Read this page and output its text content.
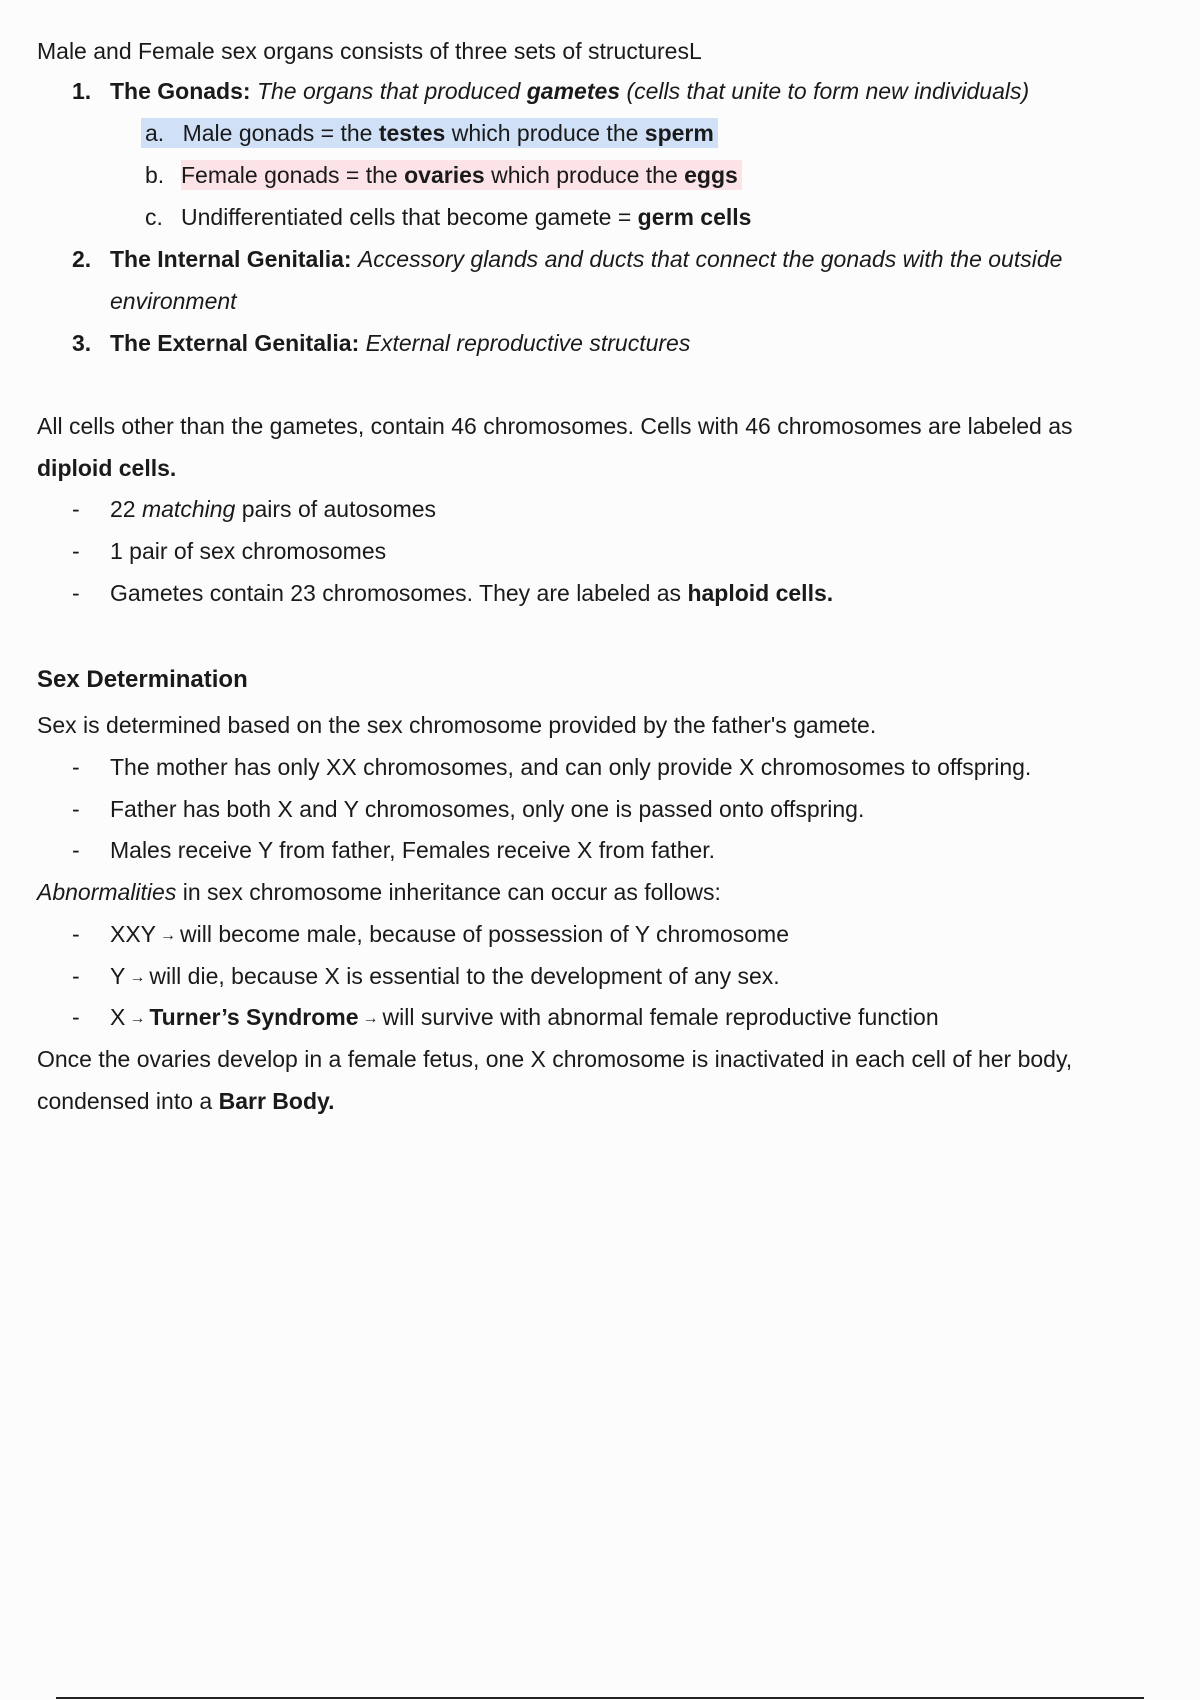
Male and Female sex organs consists of three sets of structuresL
1. The Gonads: The organs that produced gametes (cells that unite to form new individuals)
a. Male gonads = the testes which produce the sperm
b. Female gonads = the ovaries which produce the eggs
c. Undifferentiated cells that become gamete = germ cells
2. The Internal Genitalia: Accessory glands and ducts that connect the gonads with the outside
environment
3. The External Genitalia: External reproductive structures
All cells other than the gametes, contain 46 chromosomes. Cells with 46 chromosomes are labeled as
diploid cells.
- 22 matching pairs of autosomes
- 1 pair of sex chromosomes
- Gametes contain 23 chromosomes. They are labeled as haploid cells.
Sex Determination
Sex is determined based on the sex chromosome provided by the father's gamete.
- The mother has only XX chromosomes, and can only provide X chromosomes to offspring.
- Father has both X and Y chromosomes, only one is passed onto offspring.
- Males receive Y from father, Females receive X from father.
Abnormalities in sex chromosome inheritance can occur as follows:
- XXY → will become male, because of possession of Y chromosome
- Y → will die, because X is essential to the development of any sex.
- X → Turner’s Syndrome → will survive with abnormal female reproductive function
Once the ovaries develop in a female fetus, one X chromosome is inactivated in each cell of her body,
condensed into a Barr Body.
